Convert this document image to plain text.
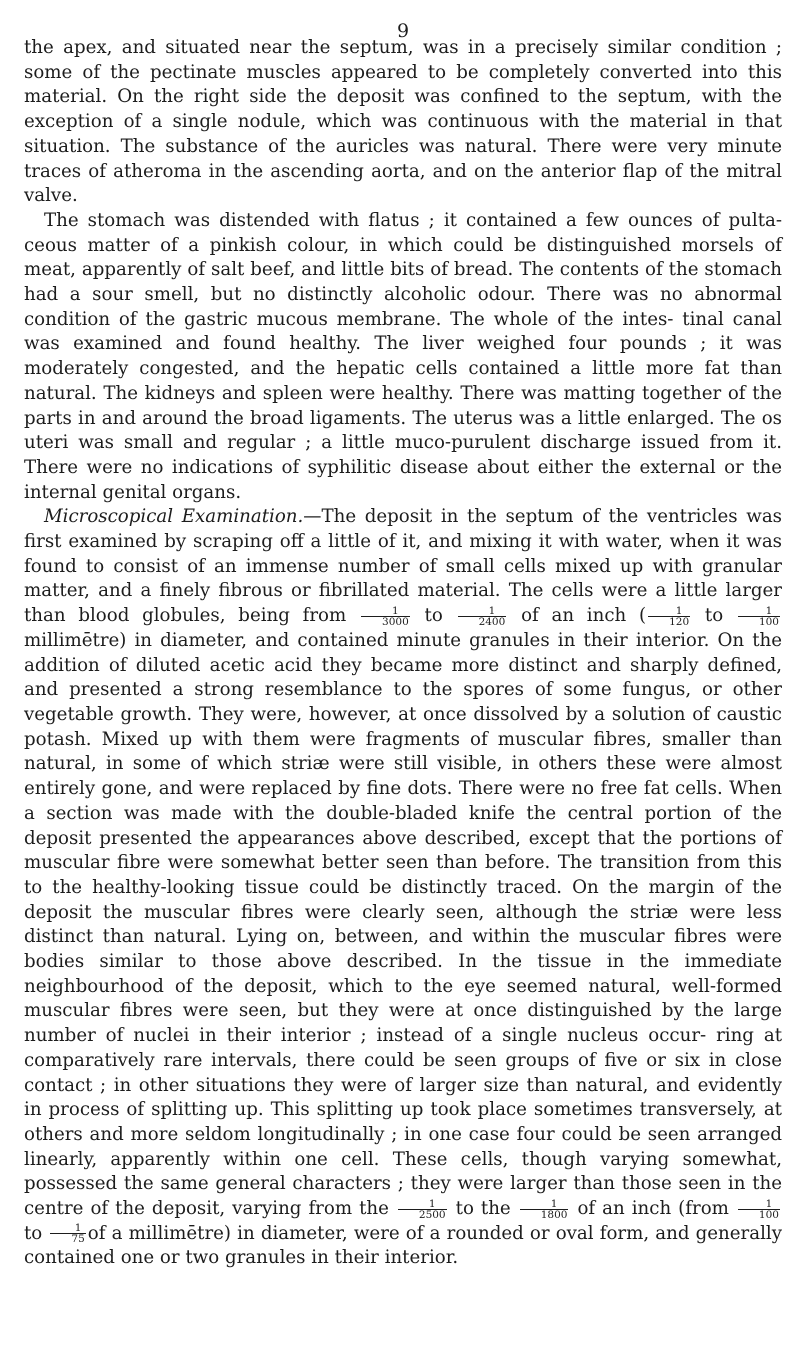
9

the apex, and situated near the septum, was in a precisely similar condition ; some of the pectinate muscles appeared to be completely converted into this material. On the right side the deposit was confined to the septum, with the exception of a single nodule, which was continuous with the material in that situation. The substance of the auricles was natural. There were very minute traces of atheroma in the ascending aorta, and on the anterior flap of the mitral valve.

The stomach was distended with flatus ; it contained a few ounces of pulta- ceous matter of a pinkish colour, in which could be distinguished morsels of meat, apparently of salt beef, and little bits of bread. The contents of the stomach had a sour smell, but no distinctly alcoholic odour. There was no abnormal condition of the gastric mucous membrane. The whole of the intes- tinal canal was examined and found healthy. The liver weighed four pounds ; it was moderately congested, and the hepatic cells contained a little more fat than natural. The kidneys and spleen were healthy. There was matting together of the parts in and around the broad ligaments. The uterus was a little enlarged. The os uteri was small and regular ; a little muco-purulent discharge issued from it. There were no indications of syphilitic disease about either the external or the internal genital organs.

Microscopical Examination.—The deposit in the septum of the ventricles was first examined by scraping off a little of it, and mixing it with water, when it was found to consist of an immense number of small cells mixed up with granular matter, and a finely fibrous or fibrillated material. The cells were a little larger than blood globules, being from $\frac{1}{3000}$ to $\frac{1}{2400}$ of an inch ( $\frac{1}{120}$ to $\frac{1}{100}$
millimētre) in diameter, and contained minute granules in their interior. On the addition of diluted acetic acid they became more distinct and sharply defined, and presented a strong resemblance to the spores of some fungus, or other vegetable growth. They were, however, at once dissolved by a solution of caustic potash. Mixed up with them were fragments of muscular fibres, smaller than natural, in some of which striæ were still visible, in others these were almost entirely gone, and were replaced by fine dots. There were no free fat cells. When a section was made with the double-bladed knife the central portion of the deposit presented the appearances above described, except that the portions of muscular fibre were somewhat better seen than before. The transition from this to the healthy-looking tissue could be distinctly traced. On the margin of the deposit the muscular fibres were clearly seen, although the striæ were less distinct than natural. Lying on, between, and within the muscular fibres were bodies similar to those above described. In the tissue in the immediate neighbourhood of the deposit, which to the eye seemed natural, well-formed muscular fibres were seen, but they were at once distinguished by the large number of nuclei in their interior ; instead of a single nucleus occur- ring at comparatively rare intervals, there could be seen groups of five or six in close contact ; in other situations they were of larger size than natural, and evidently in process of splitting up. This splitting up took place sometimes transversely, at others and more seldom longitudinally ; in one case four could be seen arranged linearly, apparently within one cell. These cells, though varying somewhat, possessed the same general characters ; they were larger than those seen in the centre of the deposit, varying from the $\frac{1}{2500}$ to the $\frac{1}{1800}$ of an inch (from $\frac{1}{100}$
to $\frac{1}{75}$ of a millimētre) in diameter, were of a rounded or oval form, and generally contained one or two granules in their interior.
